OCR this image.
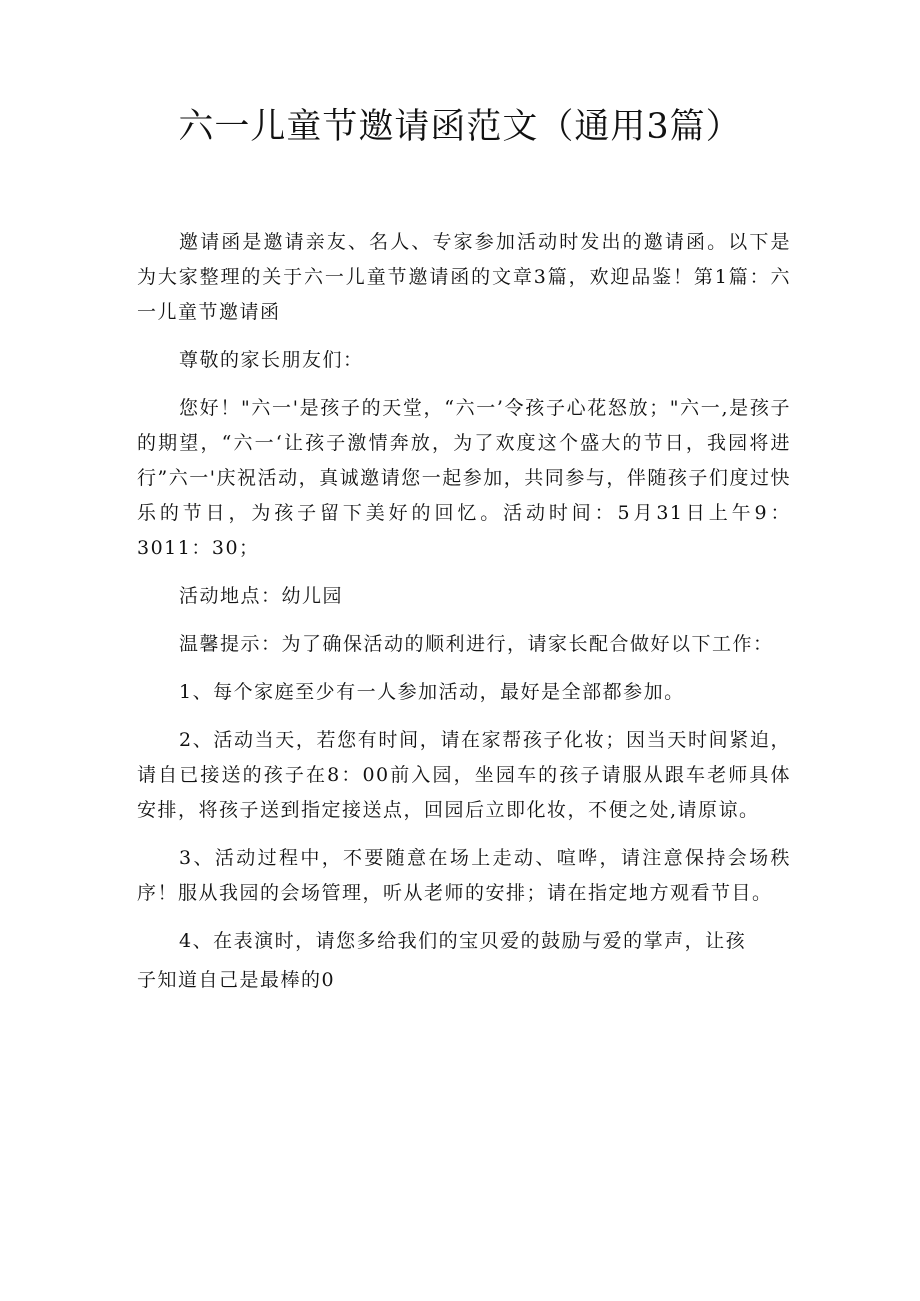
六一儿童节邀请函范文（通用3篇）

邀请函是邀请亲友、名人、专家参加活动时发出的邀请函。以下是为大家整理的关于六一儿童节邀请函的文章3篇，欢迎品鉴！第1篇：六一儿童节邀请函

尊敬的家长朋友们：

您好！"六一'是孩子的天堂，“六一’令孩子心花怒放；"六一,是孩子的期望，“六一‘让孩子激情奔放，为了欢度这个盛大的节日，我园将进行”六一'庆祝活动，真诚邀请您一起参加，共同参与，伴随孩子们度过快乐的节日，为孩子留下美好的回忆。活动时间：5月31日上午9：3011：30；

活动地点：幼儿园

温馨提示：为了确保活动的顺利进行，请家长配合做好以下工作：

1、每个家庭至少有一人参加活动，最好是全部都参加。

2、活动当天，若您有时间，请在家帮孩子化妆；因当天时间紧迫，请自已接送的孩子在8：00前入园，坐园车的孩子请服从跟车老师具体安排，将孩子送到指定接送点，回园后立即化妆，不便之处,请原谅。

3、活动过程中，不要随意在场上走动、喧哗，请注意保持会场秩序！服从我园的会场管理，听从老师的安排；请在指定地方观看节目。

4、在表演时，请您多给我们的宝贝爱的鼓励与爱的掌声，让孩

子知道自己是最棒的0
